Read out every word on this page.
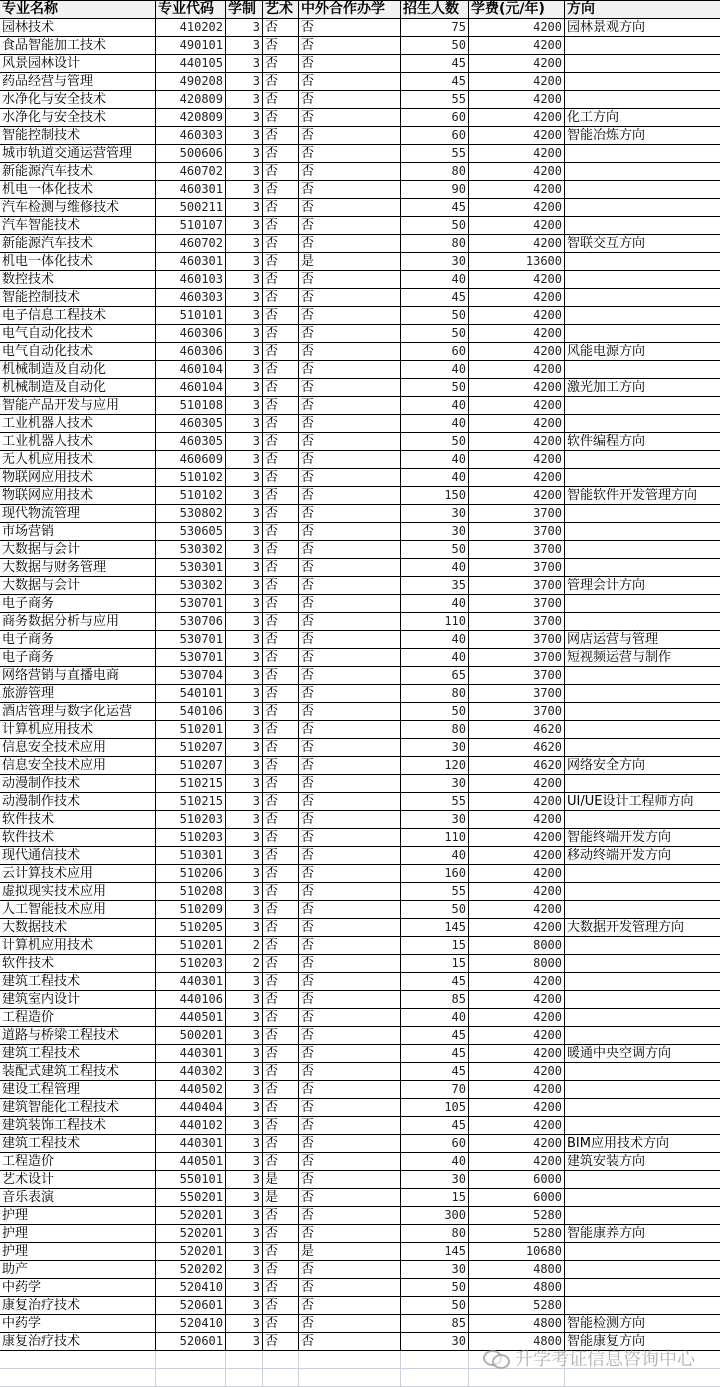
专业名称	专业代码	学制	艺术	中外合作办学	招生人数	学费(元/年)	方向
园林技术	410202	3	否	否	75	4200	园林景观方向
食品智能加工技术	490101	3	否	否	50	4200	
风景园林设计	440105	3	否	否	45	4200	
药品经营与管理	490208	3	否	否	45	4200	
水净化与安全技术	420809	3	否	否	55	4200	
水净化与安全技术	420809	3	否	否	60	4200	化工方向
智能控制技术	460303	3	否	否	60	4200	智能冶炼方向
城市轨道交通运营管理	500606	3	否	否	55	4200	
新能源汽车技术	460702	3	否	否	80	4200	
机电一体化技术	460301	3	否	否	90	4200	
汽车检测与维修技术	500211	3	否	否	45	4200	
汽车智能技术	510107	3	否	否	50	4200	
新能源汽车技术	460702	3	否	否	80	4200	智联交互方向
机电一体化技术	460301	3	否	是	30	13600	
数控技术	460103	3	否	否	40	4200	
智能控制技术	460303	3	否	否	45	4200	
电子信息工程技术	510101	3	否	否	50	4200	
电气自动化技术	460306	3	否	否	50	4200	
电气自动化技术	460306	3	否	否	60	4200	风能电源方向
机械制造及自动化	460104	3	否	否	40	4200	
机械制造及自动化	460104	3	否	否	50	4200	激光加工方向
智能产品开发与应用	510108	3	否	否	40	4200	
工业机器人技术	460305	3	否	否	40	4200	
工业机器人技术	460305	3	否	否	50	4200	软件编程方向
无人机应用技术	460609	3	否	否	40	4200	
物联网应用技术	510102	3	否	否	40	4200	
物联网应用技术	510102	3	否	否	150	4200	智能软件开发管理方向
现代物流管理	530802	3	否	否	30	3700	
市场营销	530605	3	否	否	30	3700	
大数据与会计	530302	3	否	否	50	3700	
大数据与财务管理	530301	3	否	否	40	3700	
大数据与会计	530302	3	否	否	35	3700	管理会计方向
电子商务	530701	3	否	否	40	3700	
商务数据分析与应用	530706	3	否	否	110	3700	
电子商务	530701	3	否	否	40	3700	网店运营与管理
电子商务	530701	3	否	否	40	3700	短视频运营与制作
网络营销与直播电商	530704	3	否	否	65	3700	
旅游管理	540101	3	否	否	80	3700	
酒店管理与数字化运营	540106	3	否	否	50	3700	
计算机应用技术	510201	3	否	否	80	4620	
信息安全技术应用	510207	3	否	否	30	4620	
信息安全技术应用	510207	3	否	否	120	4620	网络安全方向
动漫制作技术	510215	3	否	否	30	4200	
动漫制作技术	510215	3	否	否	55	4200	UI/UE设计工程师方向
软件技术	510203	3	否	否	30	4200	
软件技术	510203	3	否	否	110	4200	智能终端开发方向
现代通信技术	510301	3	否	否	40	4200	移动终端开发方向
云计算技术应用	510206	3	否	否	160	4200	
虚拟现实技术应用	510208	3	否	否	55	4200	
人工智能技术应用	510209	3	否	否	50	4200	
大数据技术	510205	3	否	否	145	4200	大数据开发管理方向
计算机应用技术	510201	2	否	否	15	8000	
软件技术	510203	2	否	否	15	8000	
建筑工程技术	440301	3	否	否	45	4200	
建筑室内设计	440106	3	否	否	85	4200	
工程造价	440501	3	否	否	40	4200	
道路与桥梁工程技术	500201	3	否	否	45	4200	
建筑工程技术	440301	3	否	否	45	4200	暖通中央空调方向
装配式建筑工程技术	440302	3	否	否	45	4200	
建设工程管理	440502	3	否	否	70	4200	
建筑智能化工程技术	440404	3	否	否	105	4200	
建筑装饰工程技术	440102	3	否	否	45	4200	
建筑工程技术	440301	3	否	否	60	4200	BIM应用技术方向
工程造价	440501	3	否	否	40	4200	建筑安装方向
艺术设计	550101	3	是	否	30	6000	
音乐表演	550201	3	是	否	15	6000	
护理	520201	3	否	否	300	5280	
护理	520201	3	否	否	80	5280	智能康养方向
护理	520201	3	否	是	145	10680	
助产	520202	3	否	否	30	4800	
中药学	520410	3	否	否	50	4800	
康复治疗技术	520601	3	否	否	50	5280	
中药学	520410	3	否	否	85	4800	智能检测方向
康复治疗技术	520601	3	否	否	30	4800	智能康复方向

升学考证信息咨询中心
